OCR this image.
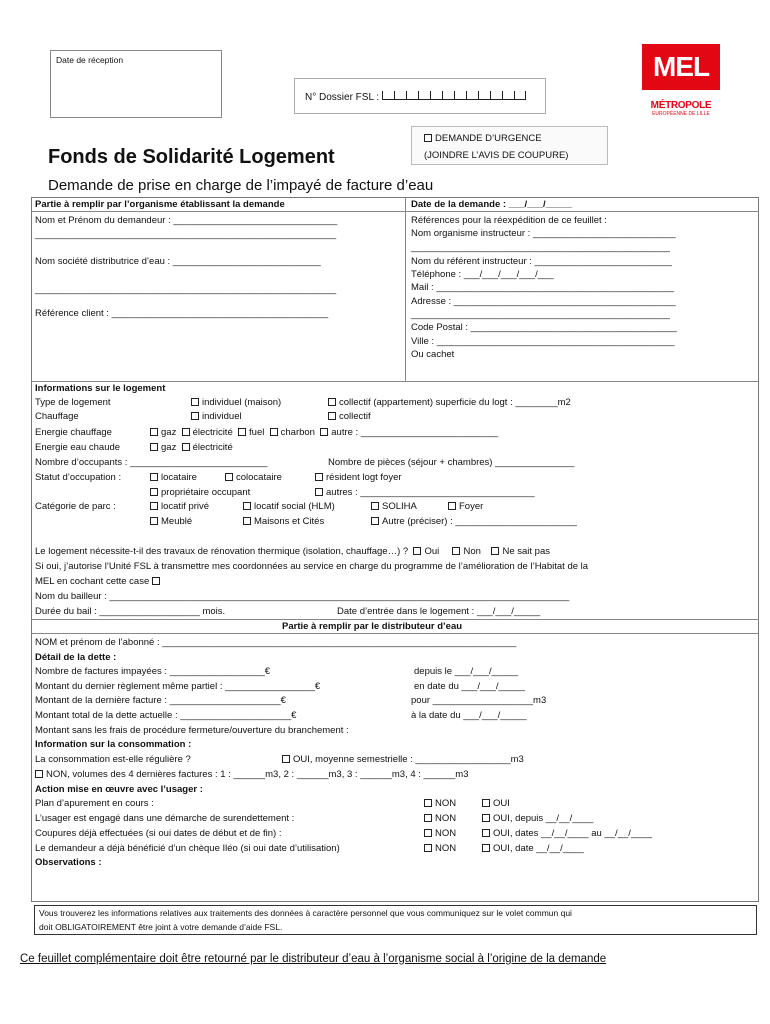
Date de réception
N° Dossier FSL :
MEL
MÉTROPOLE
EUROPÉENNE DE LILLE
DEMANDE D’URGENCE
(JOINDRE L’AVIS DE COUPURE)
Fonds de Solidarité Logement
Demande de prise en charge de l’impayé de facture d’eau
Partie à remplir par l’organisme établissant la demande
Nom et Prénom du demandeur : _______________________________
_________________________________________________________
Nom société distributrice d’eau : ____________________________
_________________________________________________________
Référence client : _________________________________________
Date de la demande : ___/___/_____
Références pour la réexpédition de ce feuillet :
Nom organisme instructeur : ___________________________
_________________________________________________
Nom du référent instructeur : __________________________
Téléphone : ___/___/___/___/___
Mail : _____________________________________________
Adresse : __________________________________________
_________________________________________________
Code Postal : _______________________________________
Ville : _____________________________________________
Ou cachet
Informations sur le logement
Type de logement	individuel (maison)	collectif (appartement) superficie du logt : ________m2
Chauffage	individuel	collectif
Energie chauffage	gaz électricité fuel charbon autre : __________________________
Energie eau chaude	gaz électricité
Nombre d’occupants : __________________________	Nombre de pièces (séjour + chambres) _______________
Statut d’occupation :	locataire	colocataire	résident logt foyer
propriétaire occupant	autres : _________________________________
Catégorie de parc :	locatif privé	locatif social (HLM)	SOLIHA	Foyer
Meublé	Maisons et Cités	Autre (préciser) : _______________________
Le logement nécessite-t-il des travaux de rénovation thermique (isolation, chauffage…) ? Oui	Non Ne sait pas
Si oui, j’autorise l’Unité FSL à transmettre mes coordonnées au service en charge du programme de l’amélioration de l’Habitat de la
MEL en cochant cette case
Nom du bailleur : _______________________________________________________________________________________
Durée du bail : ___________________ mois.	Date d’entrée dans le logement : ___/___/_____
Partie à remplir par le distributeur d’eau
NOM et prénom de l’abonné : ___________________________________________________________________
Détail de la dette :
Nombre de factures impayées : __________________€	depuis le ___/___/_____
Montant du dernier règlement même partiel : _________________€	en date du ___/___/_____
Montant de la dernière facture : _____________________€	pour ___________________m3
Montant total de la dette actuelle : _____________________€	à la date du ___/___/_____
Montant sans les frais de procédure fermeture/ouverture du branchement :
Information sur la consommation :
La consommation est-elle régulière ?	OUI, moyenne semestrielle : __________________m3
NON, volumes des 4 dernières factures : 1 : ______m3, 2 : ______m3, 3 : ______m3, 4 : ______m3
Action mise en œuvre avec l’usager :
Plan d’apurement en cours :	NON	OUI
L’usager est engagé dans une démarche de surendettement :	NON	OUI, depuis __/__/____
Coupures déjà effectuées (si oui dates de début et de fin) :	NON	OUI, dates __/__/____ au __/__/____
Le demandeur a déjà bénéficié d’un chèque Iléo (si oui date d’utilisation)	NON	OUI, date __/__/____
Observations :
Vous trouverez les informations relatives aux traitements des données à caractère personnel que vous communiquez sur le volet commun qui
doit OBLIGATOIREMENT être joint à votre demande d’aide FSL.
Ce feuillet complémentaire doit être retourné par le distributeur d’eau à l’organisme social à l’origine de la demande
